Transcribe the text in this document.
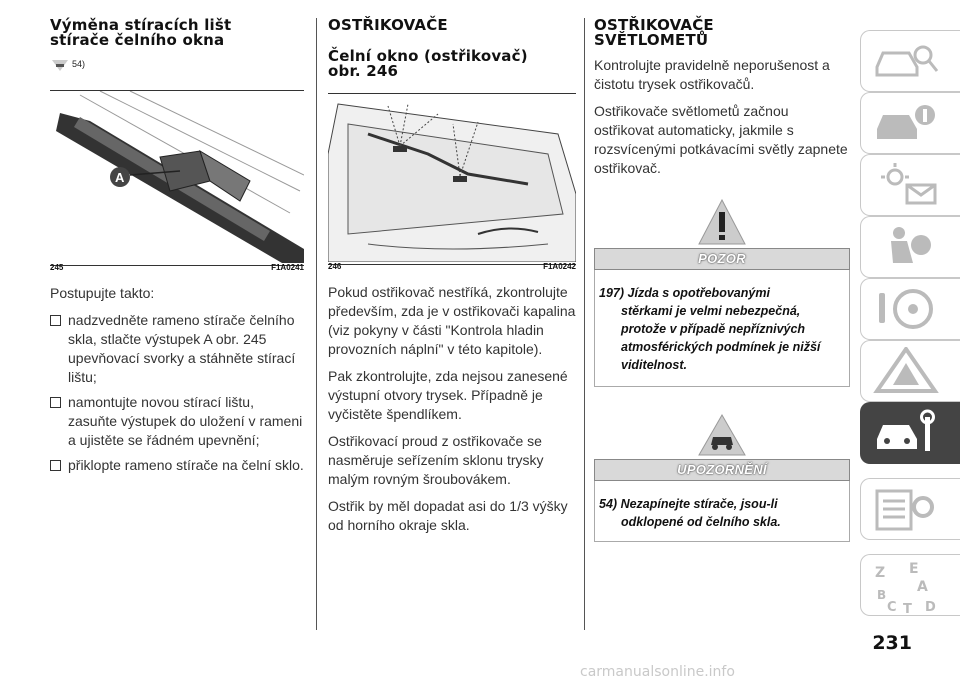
Výměna stíracích lišt
stírače čelního okna
54)
A
245	F1A0241

Postupujte takto:

nadzvedněte rameno stírače čelního skla, stlačte výstupek A obr. 245 upevňovací svorky a stáhněte stírací lištu;

namontujte novou stírací lištu, zasuňte výstupek do uložení v rameni a ujistěte se řádném upevnění;

přiklopte rameno stírače na čelní sklo.

OSTŘIKOVAČE
Čelní okno (ostřikovač)
obr. 246
246	F1A0242

Pokud ostřikovač nestříká, zkontrolujte především, zda je v ostřikovači kapalina (viz pokyny v části "Kontrola hladin provozních náplní" v této kapitole).

Pak zkontrolujte, zda nejsou zanesené výstupní otvory trysek. Případně je vyčistěte špendlíkem.

Ostřikovací proud z ostřikovače se nasměruje seřízením sklonu trysky malým rovným šroubovákem.

Ostřik by měl dopadat asi do 1/3 výšky od horního okraje skla.

OSTŘIKOVAČE
SVĚTLOMETŮ

Kontrolujte pravidelně neporušenost a čistotu trysek ostřikovačů.

Ostřikovače světlometů začnou ostřikovat automaticky, jakmile s rozsvícenými potkávacími světly zapnete ostřikovač.

POZOR
197) Jízda s opotřebovanými
stěrkami je velmi nebezpečná,
protože v případě nepříznivých
atmosférických podmínek je nižší
viditelnost.
UPOZORNĚNÍ
54) Nezapínejte stírače, jsou-li
odklopené od čelního skla.
Z E
A
B
C T D
231
carmanualsonline.info
